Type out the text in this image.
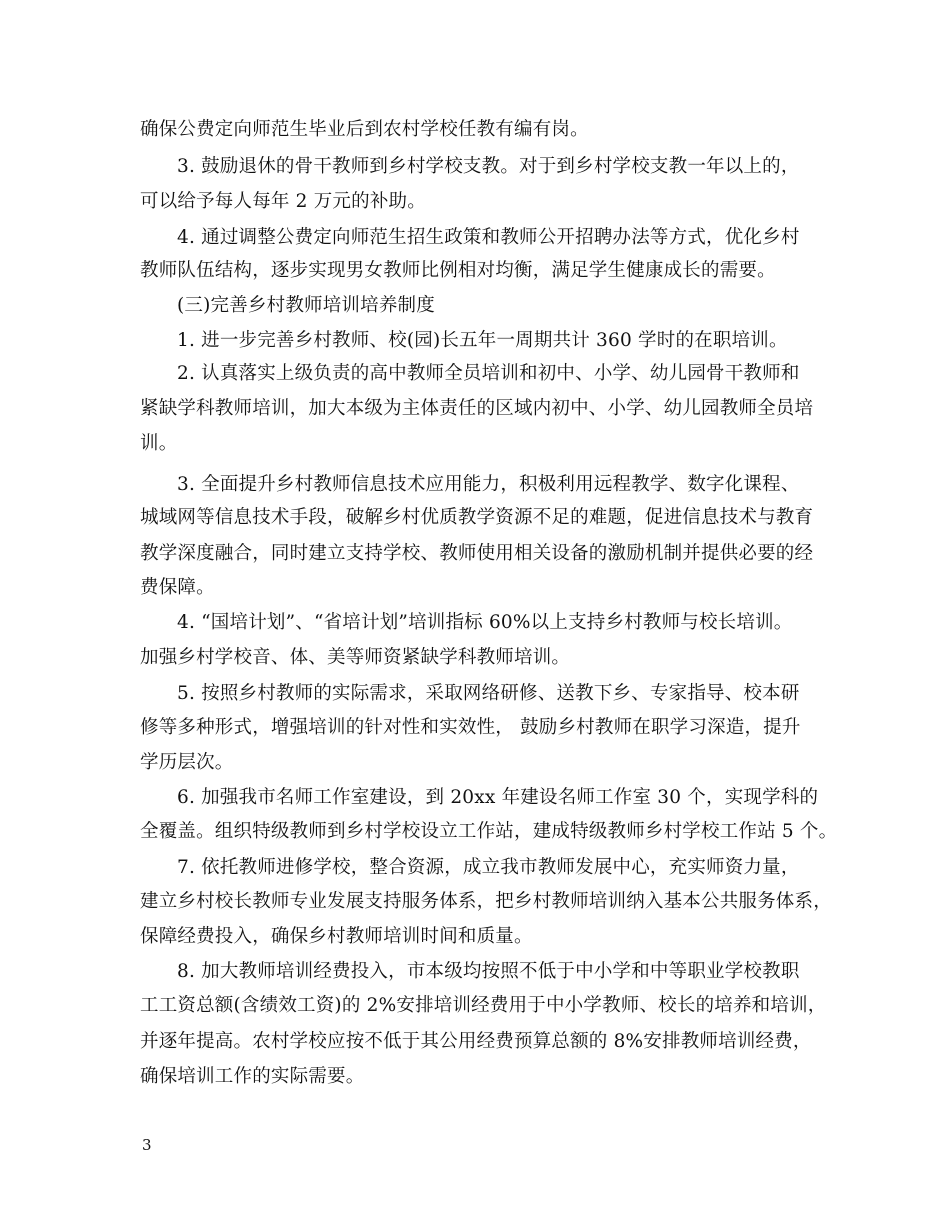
确保公费定向师范生毕业后到农村学校任教有编有岗。
3. 鼓励退休的骨干教师到乡村学校支教。对于到乡村学校支教一年以上的，
可以给予每人每年 2 万元的补助。
4. 通过调整公费定向师范生招生政策和教师公开招聘办法等方式，优化乡村
教师队伍结构，逐步实现男女教师比例相对均衡，满足学生健康成长的需要。
(三)完善乡村教师培训培养制度
1. 进一步完善乡村教师、校(园)长五年一周期共计 360 学时的在职培训。
2. 认真落实上级负责的高中教师全员培训和初中、小学、幼儿园骨干教师和
紧缺学科教师培训，加大本级为主体责任的区域内初中、小学、幼儿园教师全员培
训。
3. 全面提升乡村教师信息技术应用能力，积极利用远程教学、数字化课程、
城域网等信息技术手段，破解乡村优质教学资源不足的难题，促进信息技术与教育
教学深度融合，同时建立支持学校、教师使用相关设备的激励机制并提供必要的经
费保障。
4. “国培计划”、“省培计划”培训指标 60%以上支持乡村教师与校长培训。
加强乡村学校音、体、美等师资紧缺学科教师培训。
5. 按照乡村教师的实际需求，采取网络研修、送教下乡、专家指导、校本研
修等多种形式，增强培训的针对性和实效性， 鼓励乡村教师在职学习深造，提升
学历层次。
6. 加强我市名师工作室建设，到 20xx 年建设名师工作室 30 个，实现学科的
全覆盖。组织特级教师到乡村学校设立工作站，建成特级教师乡村学校工作站 5 个。
7. 依托教师进修学校，整合资源，成立我市教师发展中心，充实师资力量，
建立乡村校长教师专业发展支持服务体系，把乡村教师培训纳入基本公共服务体系，
保障经费投入，确保乡村教师培训时间和质量。
8. 加大教师培训经费投入，市本级均按照不低于中小学和中等职业学校教职
工工资总额(含绩效工资)的 2%安排培训经费用于中小学教师、校长的培养和培训，
并逐年提高。农村学校应按不低于其公用经费预算总额的 8%安排教师培训经费，
确保培训工作的实际需要。
3
